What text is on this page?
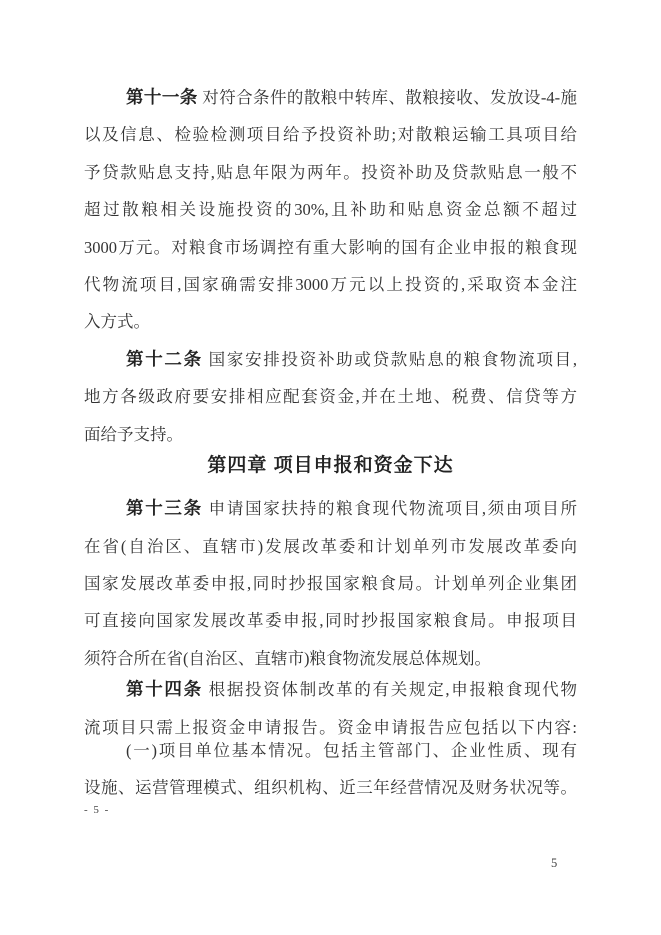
第十一条 对符合条件的散粮中转库、散粮接收、发放设-4-施
以及信息、检验检测项目给予投资补助;对散粮运输工具项目给
予贷款贴息支持,贴息年限为两年。投资补助及贷款贴息一般不
超过散粮相关设施投资的30%,且补助和贴息资金总额不超过
3000万元。对粮食市场调控有重大影响的国有企业申报的粮食现
代物流项目,国家确需安排3000万元以上投资的,采取资本金注
入方式。
第十二条 国家安排投资补助或贷款贴息的粮食物流项目,
地方各级政府要安排相应配套资金,并在土地、税费、信贷等方
面给予支持。
第四章 项目申报和资金下达
第十三条 申请国家扶持的粮食现代物流项目,须由项目所
在省(自治区、直辖市)发展改革委和计划单列市发展改革委向
国家发展改革委申报,同时抄报国家粮食局。计划单列企业集团
可直接向国家发展改革委申报,同时抄报国家粮食局。申报项目
须符合所在省(自治区、直辖市)粮食物流发展总体规划。
第十四条 根据投资体制改革的有关规定,申报粮食现代物
流项目只需上报资金申请报告。资金申请报告应包括以下内容:
(一)项目单位基本情况。包括主管部门、企业性质、现有
设施、运营管理模式、组织机构、近三年经营情况及财务状况等。
- 5 -
5
